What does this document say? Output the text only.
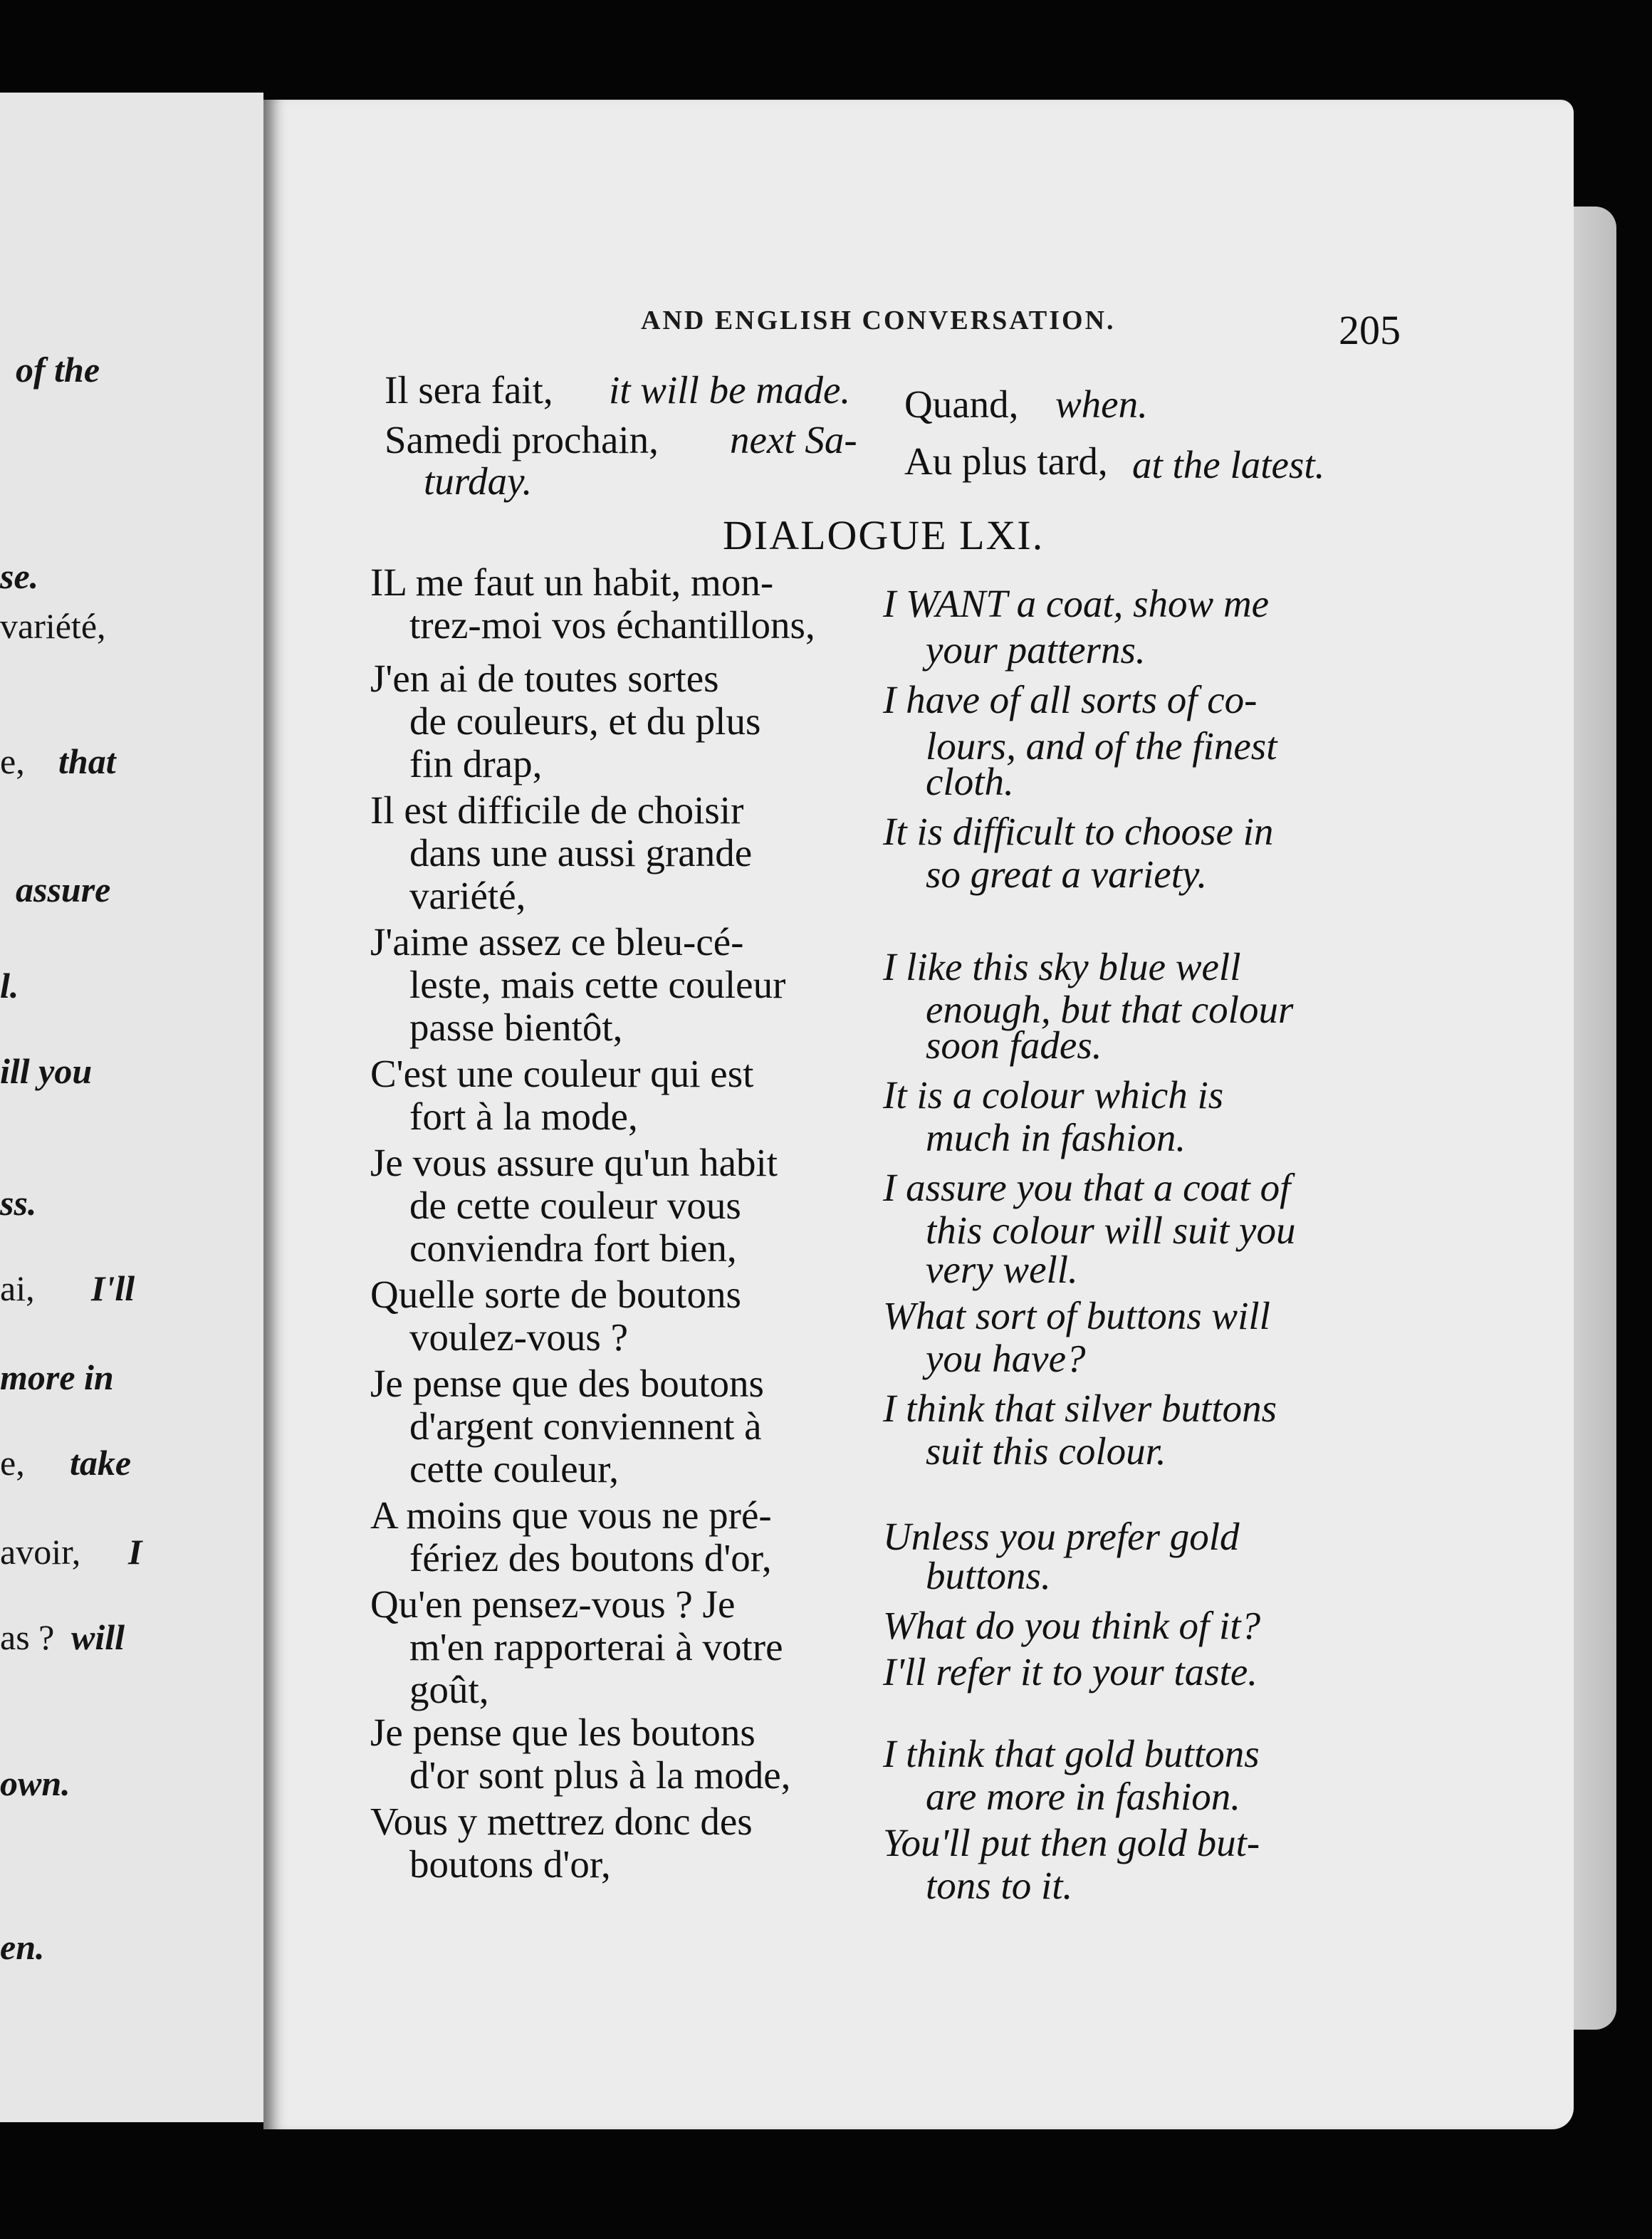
of the
se.
variété,
e, that
assure
l.
ill you
ss.
ai, I'll
more in
e, take
avoir, I
as ? will
own.
en.
AND ENGLISH CONVERSATION.	205
Il sera fait, it will be made. Quand, when.
Samedi prochain, next Sa-
turday.	Au plus tard, at the latest.
DIALOGUE LXI.
IL me faut un habit, mon-
trez-moi vos échantillons,
J'en ai de toutes sortes
de couleurs, et du plus
fin drap,
Il est difficile de choisir
dans une aussi grande
variété,
J'aime assez ce bleu-cé-
leste, mais cette couleur
passe bientôt,
C'est une couleur qui est
fort à la mode,
Je vous assure qu'un habit
de cette couleur vous
conviendra fort bien,
Quelle sorte de boutons
voulez-vous ?
Je pense que des boutons
d'argent conviennent à
cette couleur,
A moins que vous ne pré-
fériez des boutons d'or,
Qu'en pensez-vous ? Je
m'en rapporterai à votre
goût,
Je pense que les boutons
d'or sont plus à la mode,
Vous y mettrez donc des
boutons d'or,
I WANT a coat, show me
your patterns.
I have of all sorts of co-
lours, and of the finest
cloth.
It is difficult to choose in
so great a variety.
I like this sky blue well
enough, but that colour
soon fades.
It is a colour which is
much in fashion.
I assure you that a coat of
this colour will suit you
very well.
What sort of buttons will
you have?
I think that silver buttons
suit this colour.
Unless you prefer gold
buttons.
What do you think of it?
I'll refer it to your taste.
I think that gold buttons
are more in fashion.
You'll put then gold but-
tons to it.
